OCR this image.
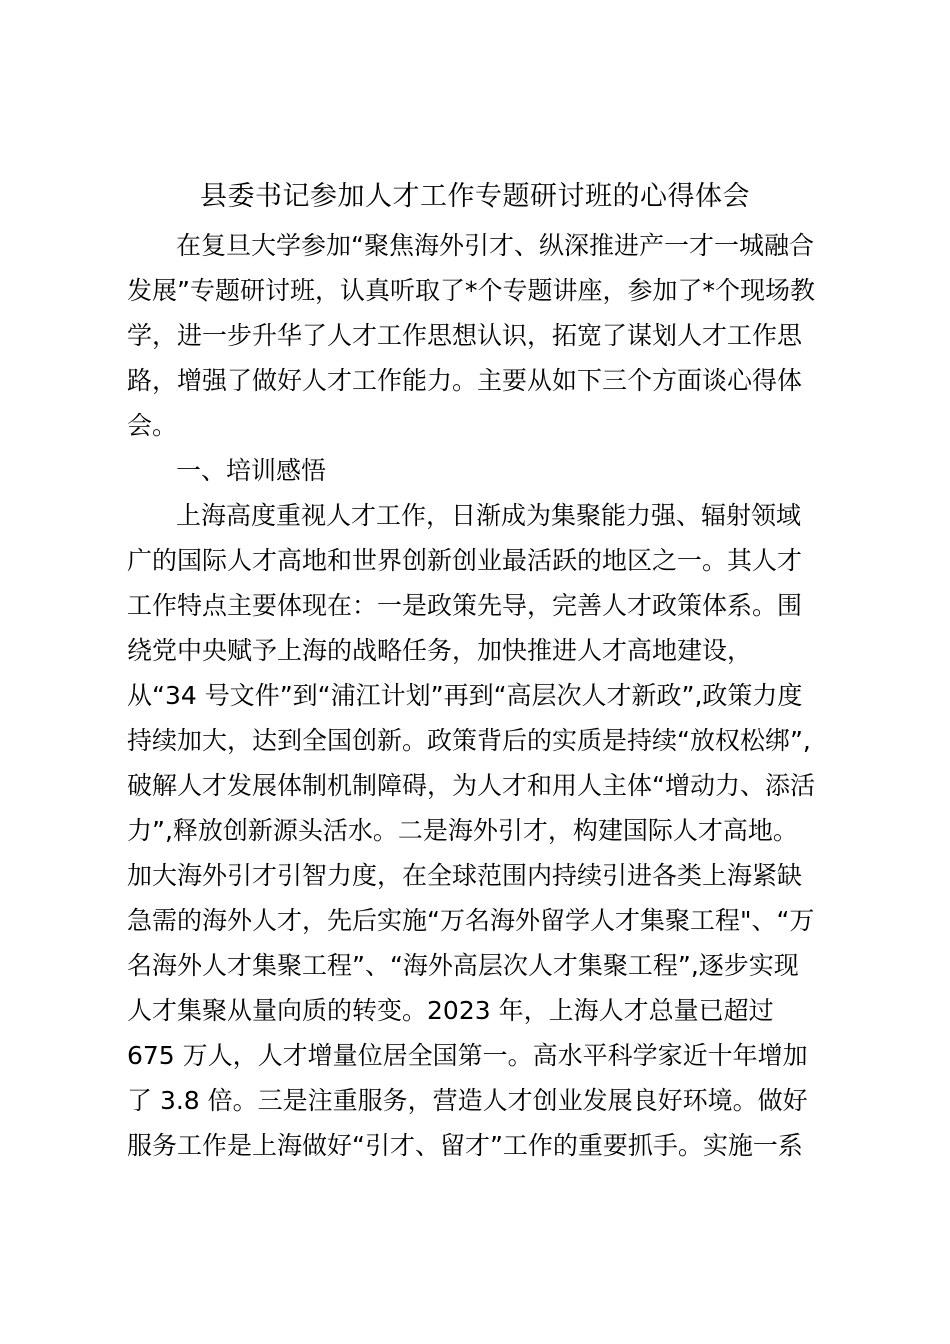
县委书记参加人才工作专题研讨班的心得体会
在复旦大学参加“聚焦海外引才、纵深推进产一才一城融合
发展”专题研讨班，认真听取了*个专题讲座，参加了*个现场教
学，进一步升华了人才工作思想认识，拓宽了谋划人才工作思
路，增强了做好人才工作能力。主要从如下三个方面谈心得体
会。
一、培训感悟
上海高度重视人才工作，日渐成为集聚能力强、辐射领域
广的国际人才高地和世界创新创业最活跃的地区之一。其人才
工作特点主要体现在：一是政策先导，完善人才政策体系。围
绕党中央赋予上海的战略任务，加快推进人才高地建设，
从“34 号文件”到“浦江计划”再到“高层次人才新政”,政策力度
持续加大，达到全国创新。政策背后的实质是持续“放权松绑”,
破解人才发展体制机制障碍，为人才和用人主体“增动力、添活
力”,释放创新源头活水。二是海外引才，构建国际人才高地。
加大海外引才引智力度，在全球范围内持续引进各类上海紧缺
急需的海外人才，先后实施“万名海外留学人才集聚工程"、“万
名海外人才集聚工程”、“海外高层次人才集聚工程”,逐步实现
人才集聚从量向质的转变。2023 年，上海人才总量已超过
675 万人，人才增量位居全国第一。高水平科学家近十年增加
了 3.8 倍。三是注重服务，营造人才创业发展良好环境。做好
服务工作是上海做好“引才、留才”工作的重要抓手。实施一系
